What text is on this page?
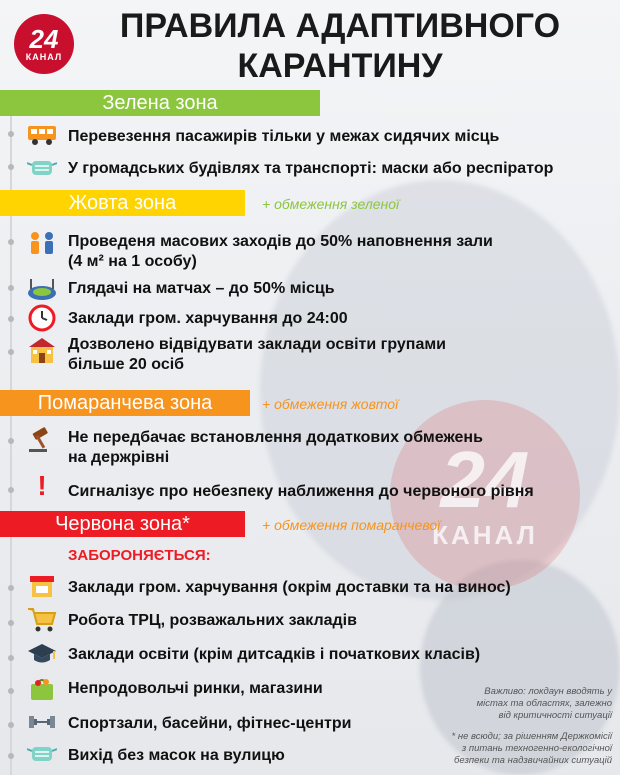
24
КАНАЛ
24
КАНАЛ
ПРАВИЛА АДАПТИВНОГО КАРАНТИНУ
Зелена зона
Перевезення пасажирів тільки у межах сидячих місць
У громадських будівлях та транспорті: маски або респіратор
Жовта зона	+ обмеження зеленої
Проведеня масових заходів до 50% наповнення зали
(4 м² на 1 особу)
Глядачі на матчах – до 50% місць
Заклади гром. харчування до 24:00
Дозволено відвідувати заклади освіти групами
більше 20 осіб
Помаранчева зона	+ обмеження жовтої
Не передбачає встановлення додаткових обмежень
на держрівні
!	Сигналізує про небезпеку наближення до червоного рівня
Червона зона*	+ обмеження помаранчевої
ЗАБОРОНЯЄТЬСЯ:
Заклади гром. харчування (окрім доставки та на винос)
Робота ТРЦ, розважальних закладів
Заклади освіти (крім дитсадків і початкових класів)
Непродовольчі ринки, магазини
Спортзали, басейни, фітнес-центри
Вихід без масок на вулицю
Важливо: локдаун вводять у
містах та областях, залежно
від критичності ситуації
* не всюди; за рішенням Держкомісії
з питань техногенно-екологічної
безпеки та надзвичайних ситуацій
